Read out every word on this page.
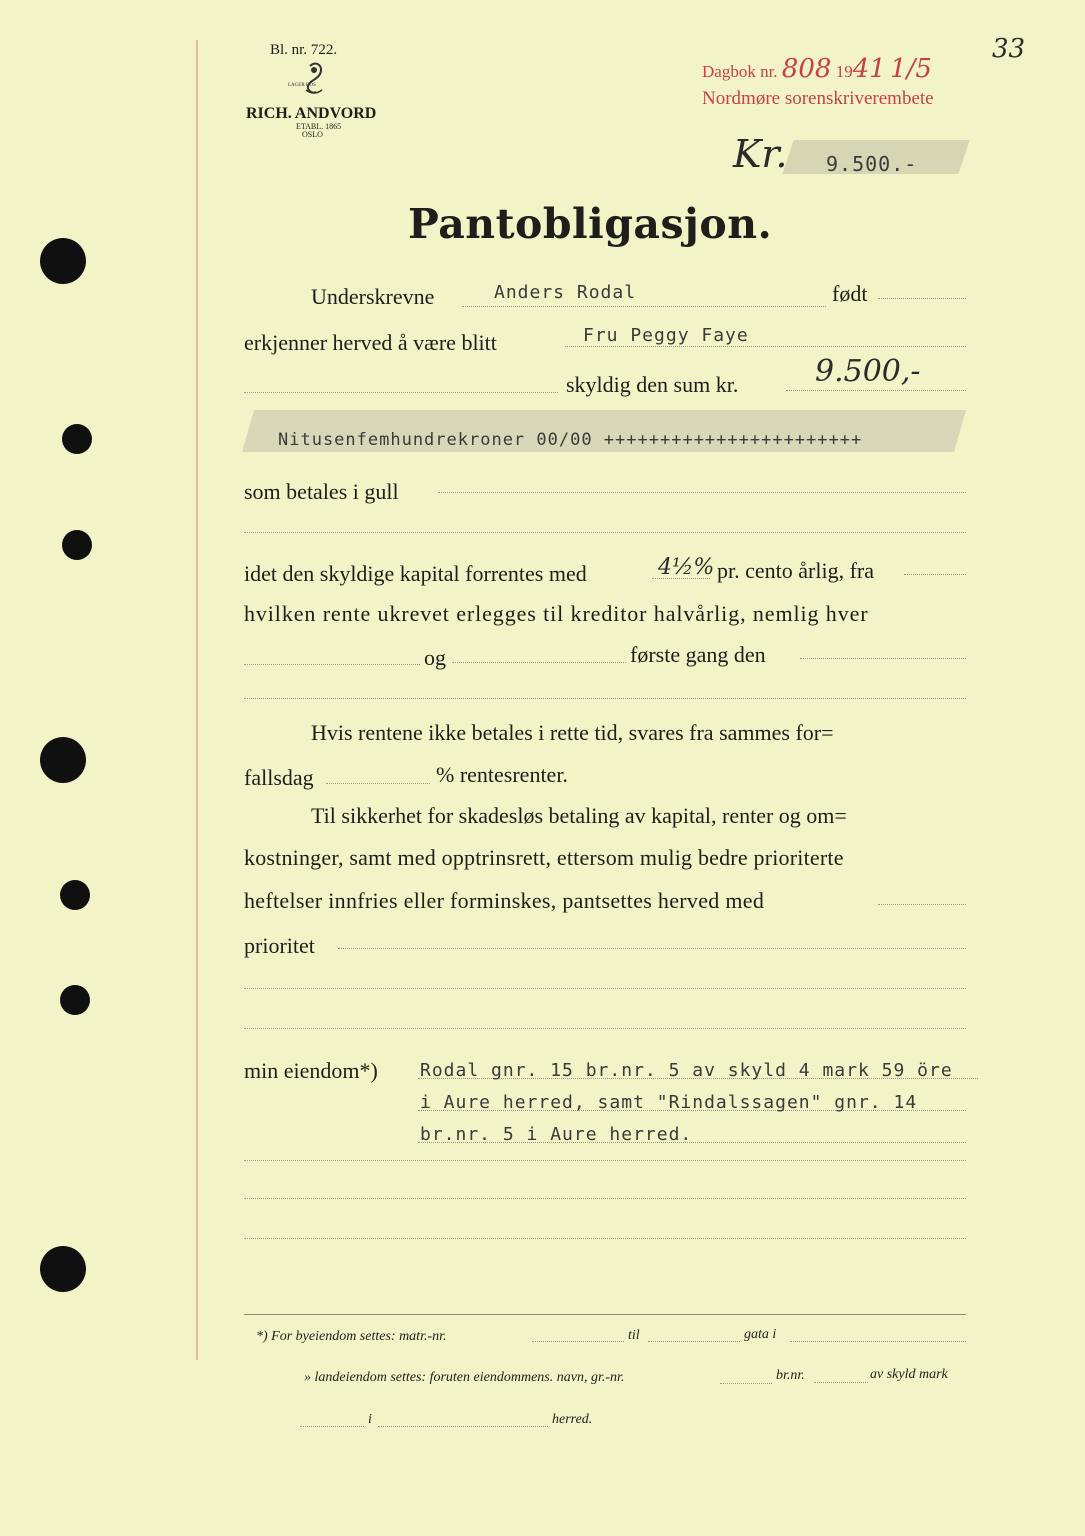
Bl. nr. 722.
LAGER HOS
RICH. ANDVORD
ETABL. 1865
OSLO
Dagbok nr. 808 1941 1/5
Nordmøre sorenskriverembete
33
Kr. 9.500.-
Pantobligasjon.
Underskrevne	Anders Rodal	født
erkjenner herved å være blitt	Fru Peggy Faye
skyldig den sum kr.	9.500,-
Nitusenfemhundrekroner 00/00 +++++++++++++++++++++++
som betales i gull
idet den skyldige kapital forrentes med	4½% pr. cento årlig, fra
hvilken rente ukrevet erlegges til kreditor halvårlig, nemlig hver
og	første gang den
Hvis rentene ikke betales i rette tid, svares fra sammes for=
fallsdag	% rentesrenter.
Til sikkerhet for skadesløs betaling av kapital, renter og om=
kostninger, samt med opptrinsrett, ettersom mulig bedre prioriterte
heftelser innfries eller forminskes, pantsettes herved med
prioritet
min eiendom*) Rodal gnr. 15 br.nr. 5 av skyld 4 mark 59 öre
i Aure herred, samt "Rindalssagen" gnr. 14
br.nr. 5 i Aure herred.
*) For byeiendom settes: matr.-nr.	til	gata i
» landeiendom settes: foruten eiendommens. navn, gr.-nr.	br.nr.	av skyld mark
i	herred.
